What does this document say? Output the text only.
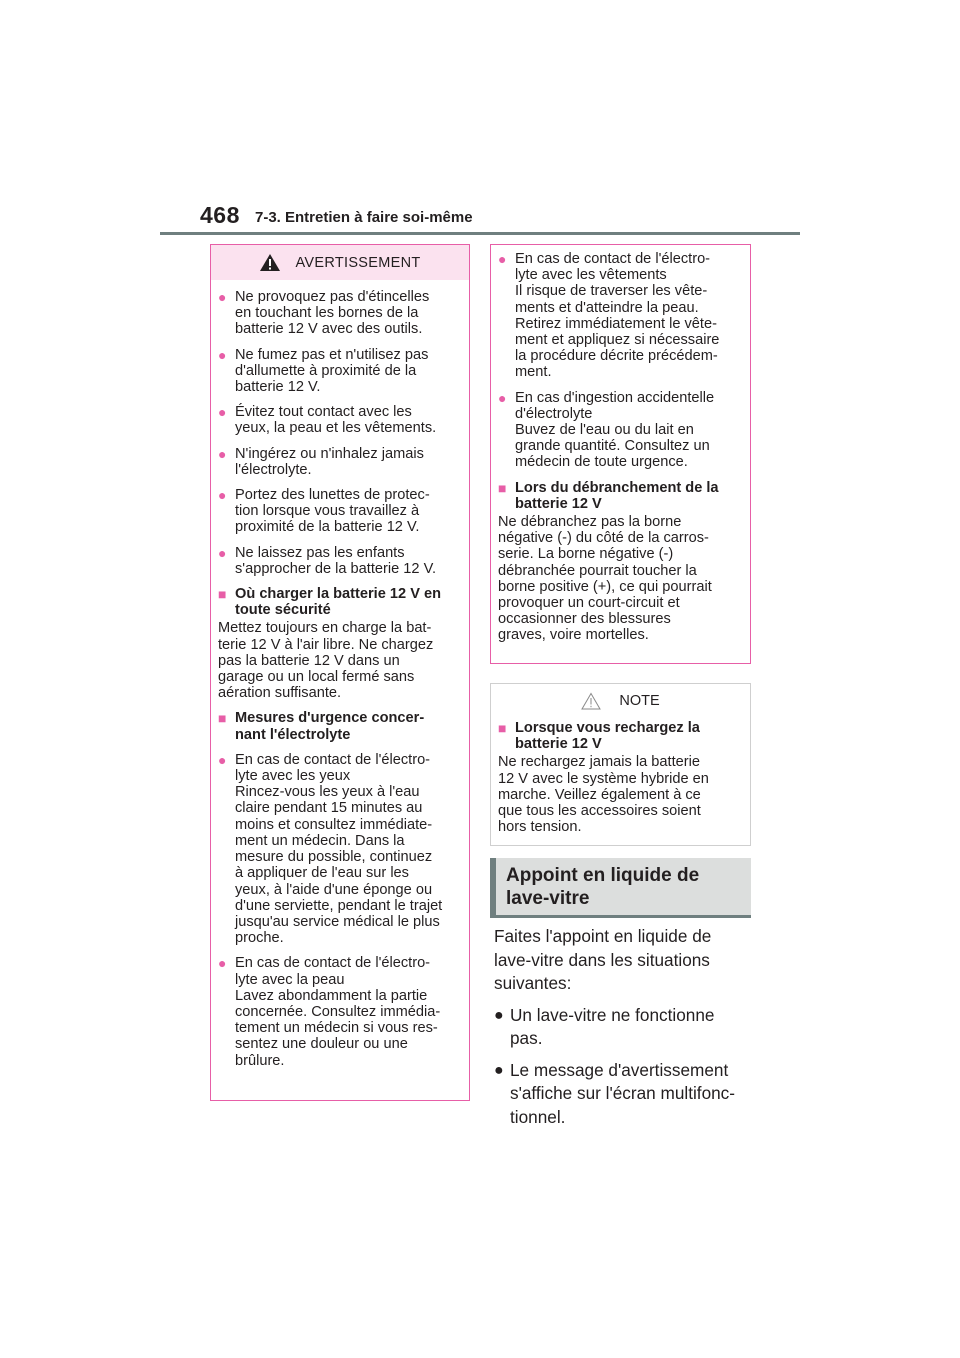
468 7-3. Entretien à faire soi-même
AVERTISSEMENT
● Ne provoquez pas d'étincelles
en touchant les bornes de la
batterie 12 V avec des outils.
● Ne fumez pas et n'utilisez pas
d'allumette à proximité de la
batterie 12 V.
● Évitez tout contact avec les
yeux, la peau et les vêtements.
● N'ingérez ou n'inhalez jamais
l'électrolyte.
● Portez des lunettes de protec-
tion lorsque vous travaillez à
proximité de la batterie 12 V.
● Ne laissez pas les enfants
s'approcher de la batterie 12 V.
■ Où charger la batterie 12 V en
toute sécurité
Mettez toujours en charge la bat-
terie 12 V à l'air libre. Ne chargez
pas la batterie 12 V dans un
garage ou un local fermé sans
aération suffisante.
■ Mesures d'urgence concer-
nant l'électrolyte
● En cas de contact de l'électro-
lyte avec les yeux
Rincez-vous les yeux à l'eau
claire pendant 15 minutes au
moins et consultez immédiate-
ment un médecin. Dans la
mesure du possible, continuez
à appliquer de l'eau sur les
yeux, à l'aide d'une éponge ou
d'une serviette, pendant le trajet
jusqu'au service médical le plus
proche.
● En cas de contact de l'électro-
lyte avec la peau
Lavez abondamment la partie
concernée. Consultez immédia-
tement un médecin si vous res-
sentez une douleur ou une
brûlure.
● En cas de contact de l'électro-
lyte avec les vêtements
Il risque de traverser les vête-
ments et d'atteindre la peau.
Retirez immédiatement le vête-
ment et appliquez si nécessaire
la procédure décrite précédem-
ment.
● En cas d'ingestion accidentelle
d'électrolyte
Buvez de l'eau ou du lait en
grande quantité. Consultez un
médecin de toute urgence.
■ Lors du débranchement de la
batterie 12 V
Ne débranchez pas la borne
négative (-) du côté de la carros-
serie. La borne négative (-)
débranchée pourrait toucher la
borne positive (+), ce qui pourrait
provoquer un court-circuit et
occasionner des blessures
graves, voire mortelles.
NOTE
■ Lorsque vous rechargez la
batterie 12 V
Ne rechargez jamais la batterie
12 V avec le système hybride en
marche. Veillez également à ce
que tous les accessoires soient
hors tension.
Appoint en liquide de
lave-vitre
Faites l'appoint en liquide de
lave-vitre dans les situations
suivantes:
● Un lave-vitre ne fonctionne
pas.
● Le message d'avertissement
s'affiche sur l'écran multifonc-
tionnel.
